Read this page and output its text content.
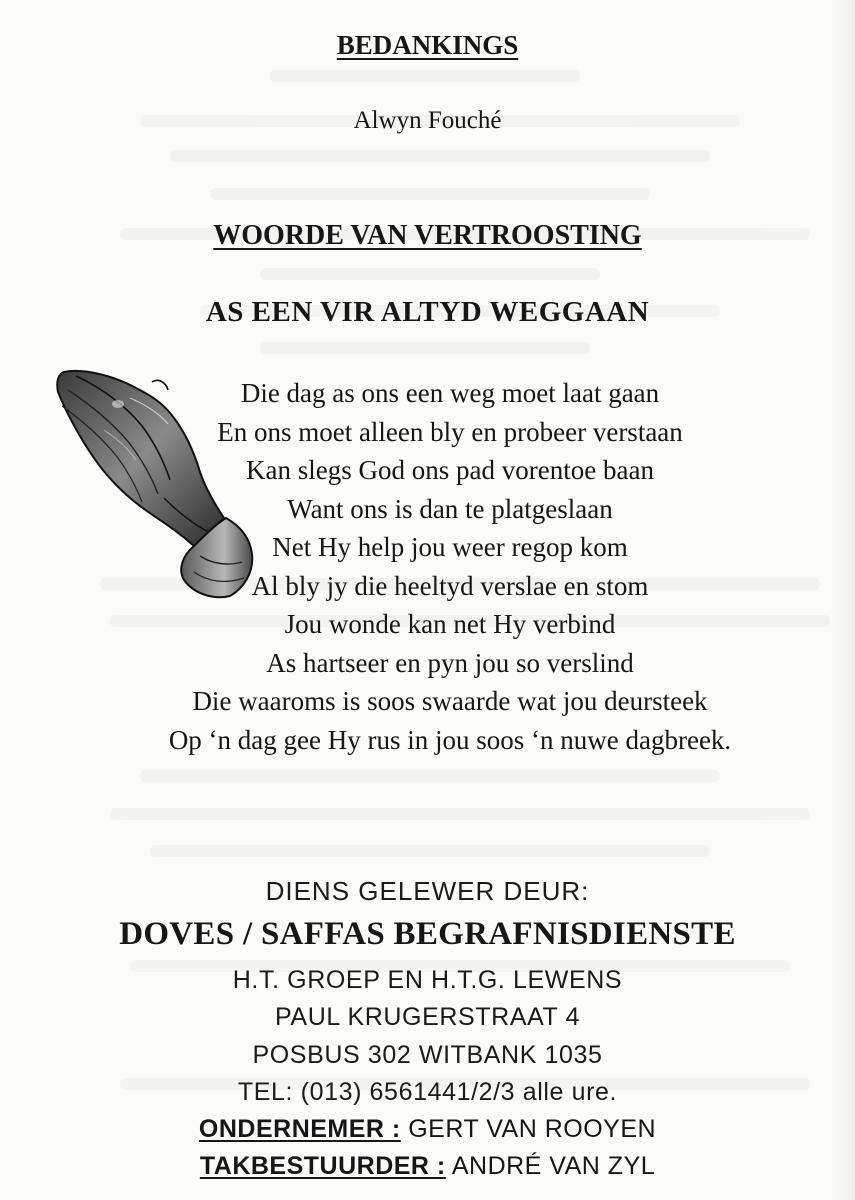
BEDANKINGS
Alwyn Fouché
WOORDE VAN VERTROOSTING
AS EEN VIR ALTYD WEGGAAN
Die dag as ons een weg moet laat gaan
En ons moet alleen bly en probeer verstaan
Kan slegs God ons pad vorentoe baan
Want ons is dan te platgeslaan
Net Hy help jou weer regop kom
Al bly jy die heeltyd verslae en stom
Jou wonde kan net Hy verbind
As hartseer en pyn jou so verslind
Die waaroms is soos swaarde wat jou deursteek
Op ‘n dag gee Hy rus in jou soos ‘n nuwe dagbreek.
DIENS GELEWER DEUR:
DOVES / SAFFAS BEGRAFNISDIENSTE
H.T. GROEP EN H.T.G. LEWENS
PAUL KRUGERSTRAAT 4
POSBUS 302 WITBANK 1035
TEL: (013) 6561441/2/3 alle ure.
ONDERNEMER : GERT VAN ROOYEN
TAKBESTUURDER : ANDRÉ VAN ZYL
